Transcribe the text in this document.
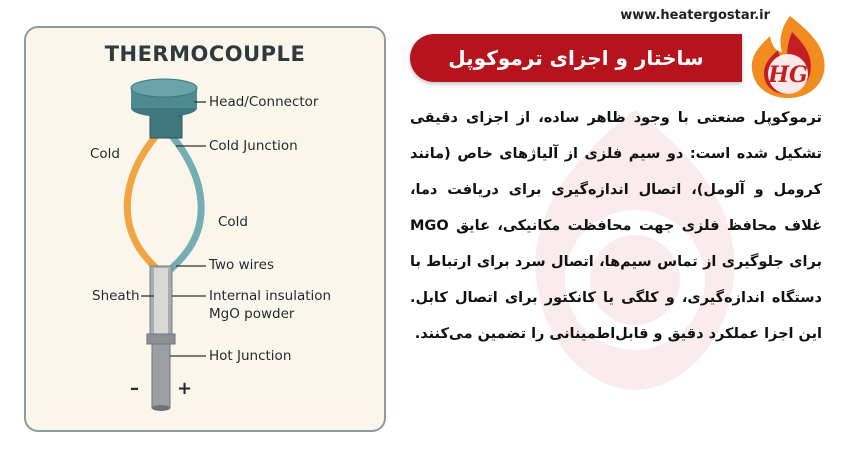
THERMOCOUPLE
Head/Connector
Cold Junction
Cold
Cold
Two wires
Sheath	Internal insulation
MgO powder
Hot Junction
– +
www.heatergostar.ir
ساختار و اجزای ترموکوپل
HG

ترموکوپل صنعتی با وجود ظاهر ساده، از اجزای دقیقی تشکیل شده است: دو سیم فلزی از آلیاژهای خاص (مانند کرومل و آلومل)، اتصال اندازه‌گیری برای دریافت دما، غلاف محافظ فلزی جهت محافظت مکانیکی، عایق MGO برای جلوگیری از تماس سیم‌ها، اتصال سرد برای ارتباط با دستگاه اندازه‌گیری، و کلگی یا کانکتور برای اتصال کابل. این اجزا عملکرد دقیق و قابل‌اطمینانی را تضمین می‌کنند.
